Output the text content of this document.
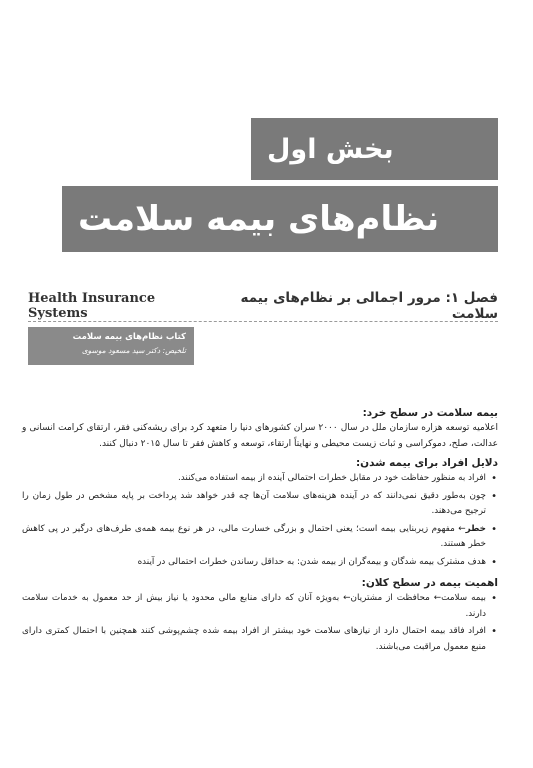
بخش اول
نظام‌های بیمه سلامت
Health Insurance Systems
فصل ۱: مرور اجمالی بر نظام‌های بیمه سلامت
کتاب نظام‌های بیمه سلامت
تلخیص: دکتر سید مسعود موسوی
بیمه سلامت در سطح خرد:

اعلامیه توسعه هزاره سازمان ملل در سال ۲۰۰۰ سران کشورهای دنیا را متعهد کرد برای ریشه‌کنی فقر، ارتقای کرامت انسانی و عدالت، صلح، دموکراسی و ثبات زیست محیطی و نهایتاً ارتقاء، توسعه و کاهش فقر تا سال ۲۰۱۵ دنبال کنند.

دلایل افراد برای بیمه شدن:
• افراد به منظور حفاظت خود در مقابل خطرات احتمالی آینده از بیمه استفاده می‌کنند.
• چون به‌طور دقیق نمی‌دانند که در آینده هزینه‌های سلامت آن‌ها چه قدر خواهد شد پرداخت بر پایه مشخص در طول زمان را ترجیح می‌دهند.
• خطر← مفهوم زیربنایی بیمه است؛ یعنی احتمال و بزرگی خسارت مالی، در هر نوع بیمه همه‌ی طرف‌های درگیر در پی کاهش خطر هستند.
• هدف مشترک بیمه شدگان و بیمه‌گران از بیمه شدن: به حداقل رساندن خطرات احتمالی در آینده
اهمیت بیمه در سطح کلان:
• بیمه سلامت← محافظت از مشتریان← به‌ویژه آنان که دارای منابع مالی محدود یا نیاز بیش از حد معمول به خدمات سلامت دارند.
• افراد فاقد بیمه احتمال دارد از نیازهای سلامت خود بیشتر از افراد بیمه شده چشم‌پوشی کنند همچنین با احتمال کمتری دارای منبع معمول مراقبت می‌باشند.
